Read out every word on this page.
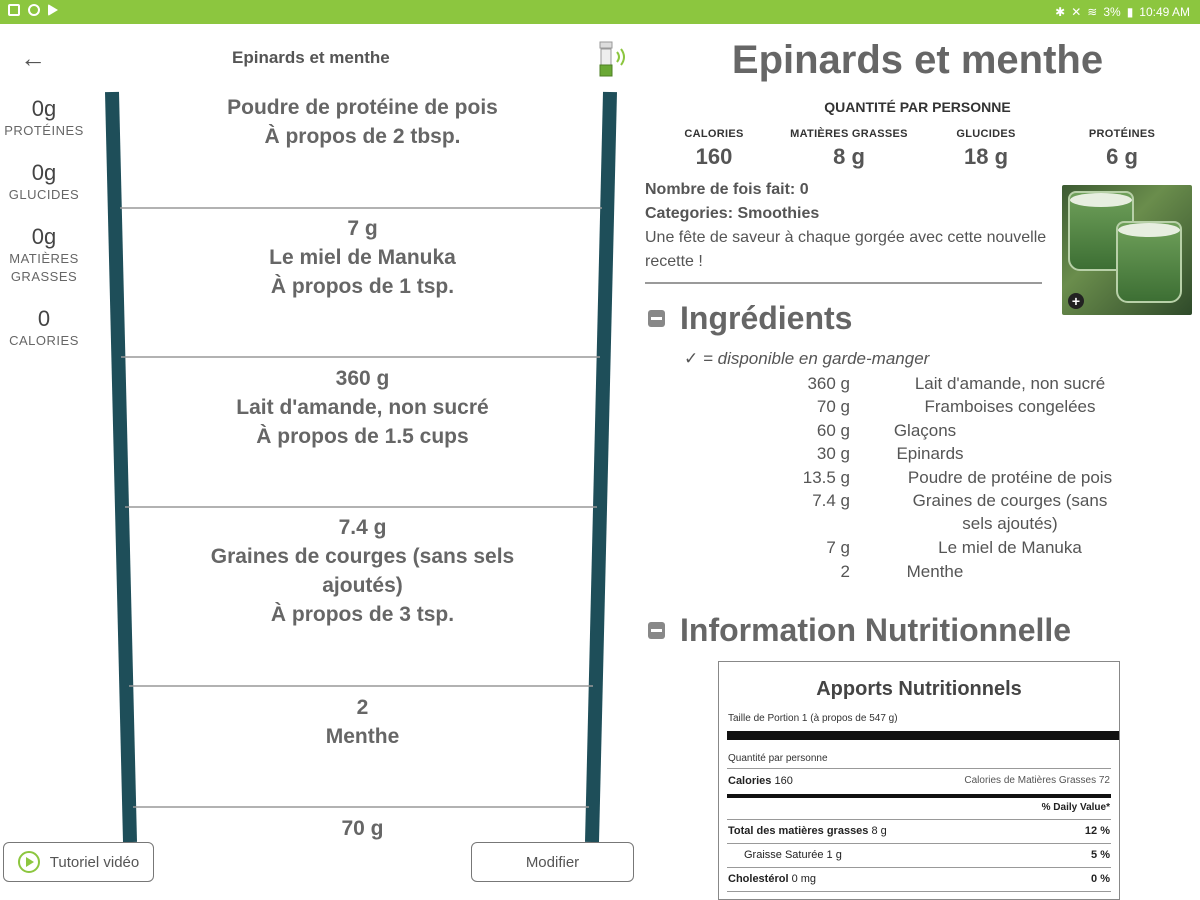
✱ ✕ ≋ 3% ▮ 10:49 AM
←	Epinards et menthe
0g
PROTÉINES
0g
GLUCIDES
0g
MATIÈRES GRASSES
0
CALORIES
Poudre de protéine de pois
À propos de 2 tbsp.
7 g
Le miel de Manuka
À propos de 1 tsp.
360 g
Lait d'amande, non sucré
À propos de 1.5 cups
7.4 g
Graines de courges (sans sels
ajoutés)
À propos de 3 tsp.
2
Menthe
70 g
Tutoriel vidéo	Modifier
Epinards et menthe
QUANTITÉ PAR PERSONNE
CALORIES
160
MATIÈRES GRASSES
8 g
GLUCIDES
18 g
PROTÉINES
6 g
Nombre de fois fait: 0
Categories: Smoothies
Une fête de saveur à chaque gorgée avec cette nouvelle recette !
+
Ingrédients
✓ = disponible en garde-manger
360 g	Lait d'amande, non sucré
70 g	Framboises congelées
60 g	Glaçons
30 g	Epinards
13.5 g	Poudre de protéine de pois
7.4 g	Graines de courges (sans
sels ajoutés)
7 g	Le miel de Manuka
2	Menthe
Information Nutritionnelle
Apports Nutritionnels
Taille de Portion 1 (à propos de 547 g)
Quantité par personne
Calories 160	Calories de Matières Grasses 72
% Daily Value*
Total des matières grasses 8 g	12 %
Graisse Saturée 1 g	5 %
Cholestérol 0 mg	0 %
